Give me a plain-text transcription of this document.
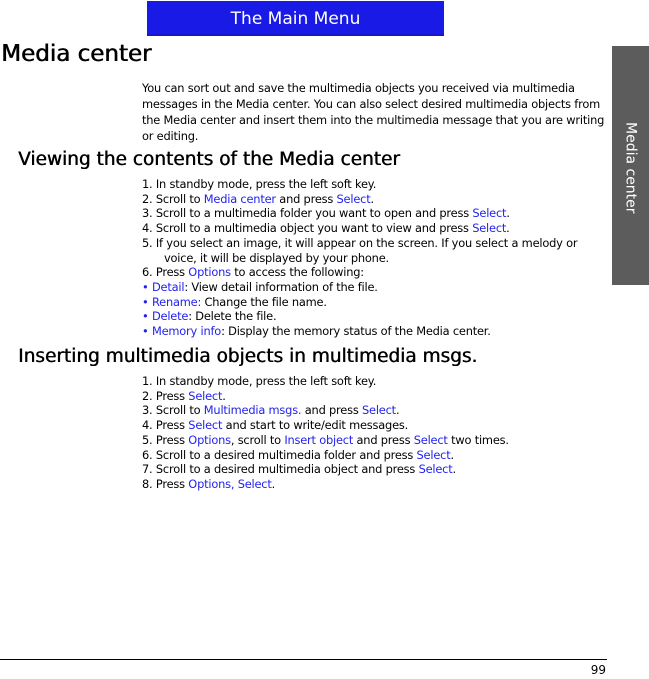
The Main Menu
Media center
Media center

You can sort out and save the multimedia objects you received via multimedia messages in the Media center. You can also select desired multimedia objects from the Media center and insert them into the multimedia message that you are writing or editing.

Viewing the contents of the Media center
1. In standby mode, press the left soft key.
2. Scroll to Media center and press Select.
3. Scroll to a multimedia folder you want to open and press Select.
4. Scroll to a multimedia object you want to view and press Select.
5. If you select an image, it will appear on the screen. If you select a melody or voice, it will be displayed by your phone.
6. Press Options to access the following:
• Detail: View detail information of the file.
• Rename: Change the file name.
• Delete: Delete the file.
• Memory info: Display the memory status of the Media center.
Inserting multimedia objects in multimedia msgs.
1. In standby mode, press the left soft key.
2. Press Select.
3. Scroll to Multimedia msgs. and press Select.
4. Press Select and start to write/edit messages.
5. Press Options, scroll to Insert object and press Select two times.
6. Scroll to a desired multimedia folder and press Select.
7. Scroll to a desired multimedia object and press Select.
8. Press Options, Select.
99
